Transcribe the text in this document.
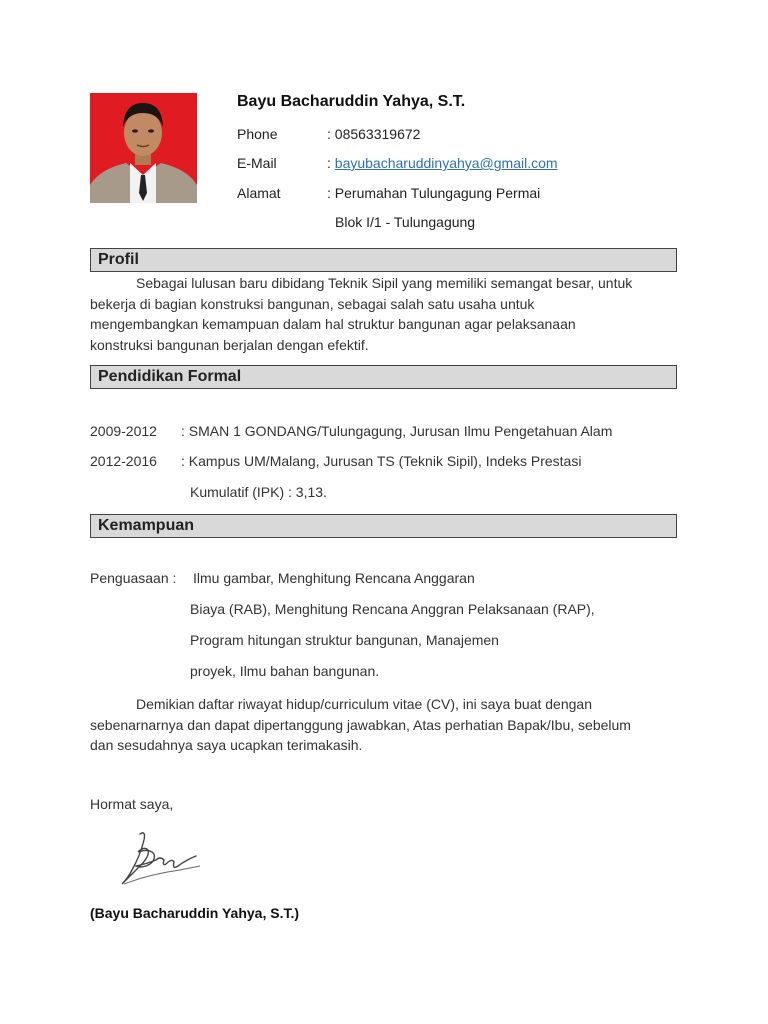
Bayu Bacharuddin Yahya, S.T.
Phone	: 08563319672
E-Mail	: bayubacharuddinyahya@gmail.com
Alamat	: Perumahan Tulungagung Permai
Blok I/1 - Tulungagung
Profil
Sebagai lulusan baru dibidang Teknik Sipil yang memiliki semangat besar, untuk
bekerja di bagian konstruksi bangunan, sebagai salah satu usaha untuk
mengembangkan kemampuan dalam hal struktur bangunan agar pelaksanaan
konstruksi bangunan berjalan dengan efektif.
Pendidikan Formal
2009-2012 : SMAN 1 GONDANG/Tulungagung, Jurusan Ilmu Pengetahuan Alam
2012-2016 : Kampus UM/Malang, Jurusan TS (Teknik Sipil), Indeks Prestasi
Kumulatif (IPK) : 3,13.
Kemampuan
Penguasaan : Ilmu gambar, Menghitung Rencana Anggaran
Biaya (RAB), Menghitung Rencana Anggran Pelaksanaan (RAP),
Program hitungan struktur bangunan, Manajemen
proyek, Ilmu bahan bangunan.
Demikian daftar riwayat hidup/curriculum vitae (CV), ini saya buat dengan
sebenarnarnya dan dapat dipertanggung jawabkan, Atas perhatian Bapak/Ibu, sebelum
dan sesudahnya saya ucapkan terimakasih.
Hormat saya,
(Bayu Bacharuddin Yahya, S.T.)
